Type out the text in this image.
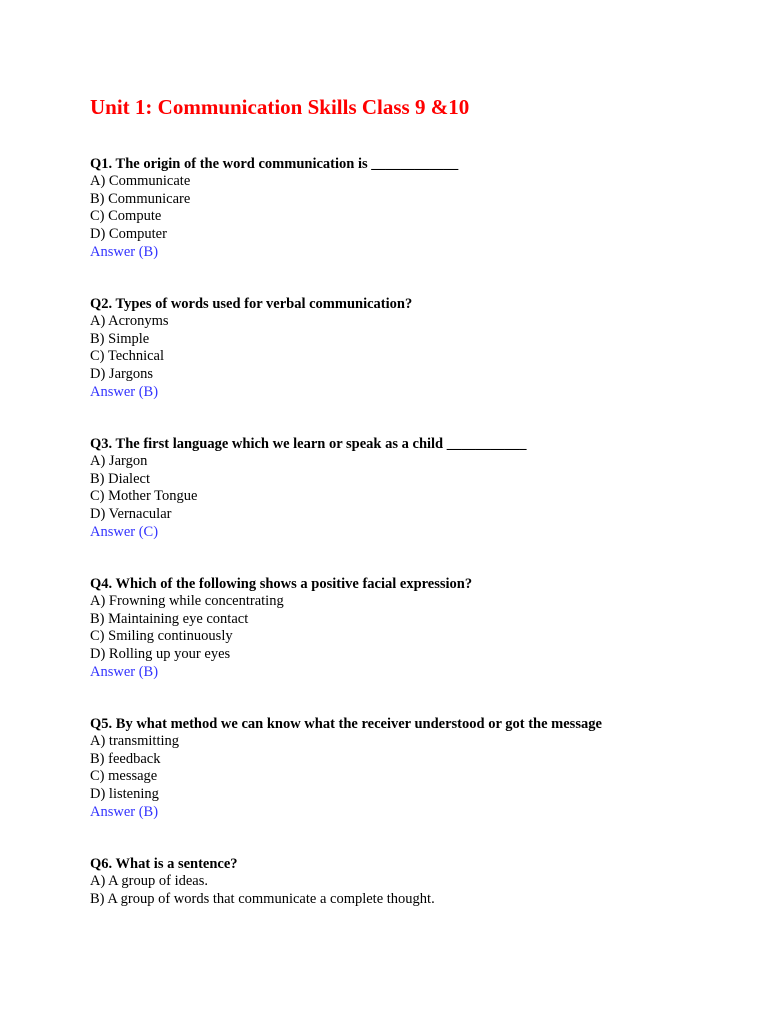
Unit 1: Communication Skills Class 9 &10
Q1. The origin of the word communication is ____________
A) Communicate
B) Communicare
C) Compute
D) Computer
Answer (B)
Q2. Types of words used for verbal communication?
A) Acronyms
B) Simple
C) Technical
D) Jargons
Answer (B)
Q3. The first language which we learn or speak as a child ___________
A) Jargon
B) Dialect
C) Mother Tongue
D) Vernacular
Answer (C)
Q4. Which of the following shows a positive facial expression?
A) Frowning while concentrating
B) Maintaining eye contact
C) Smiling continuously
D) Rolling up your eyes
Answer (B)
Q5. By what method we can know what the receiver understood or got the message
A) transmitting
B) feedback
C) message
D) listening
Answer (B)
Q6. What is a sentence?
A) A group of ideas.
B) A group of words that communicate a complete thought.
